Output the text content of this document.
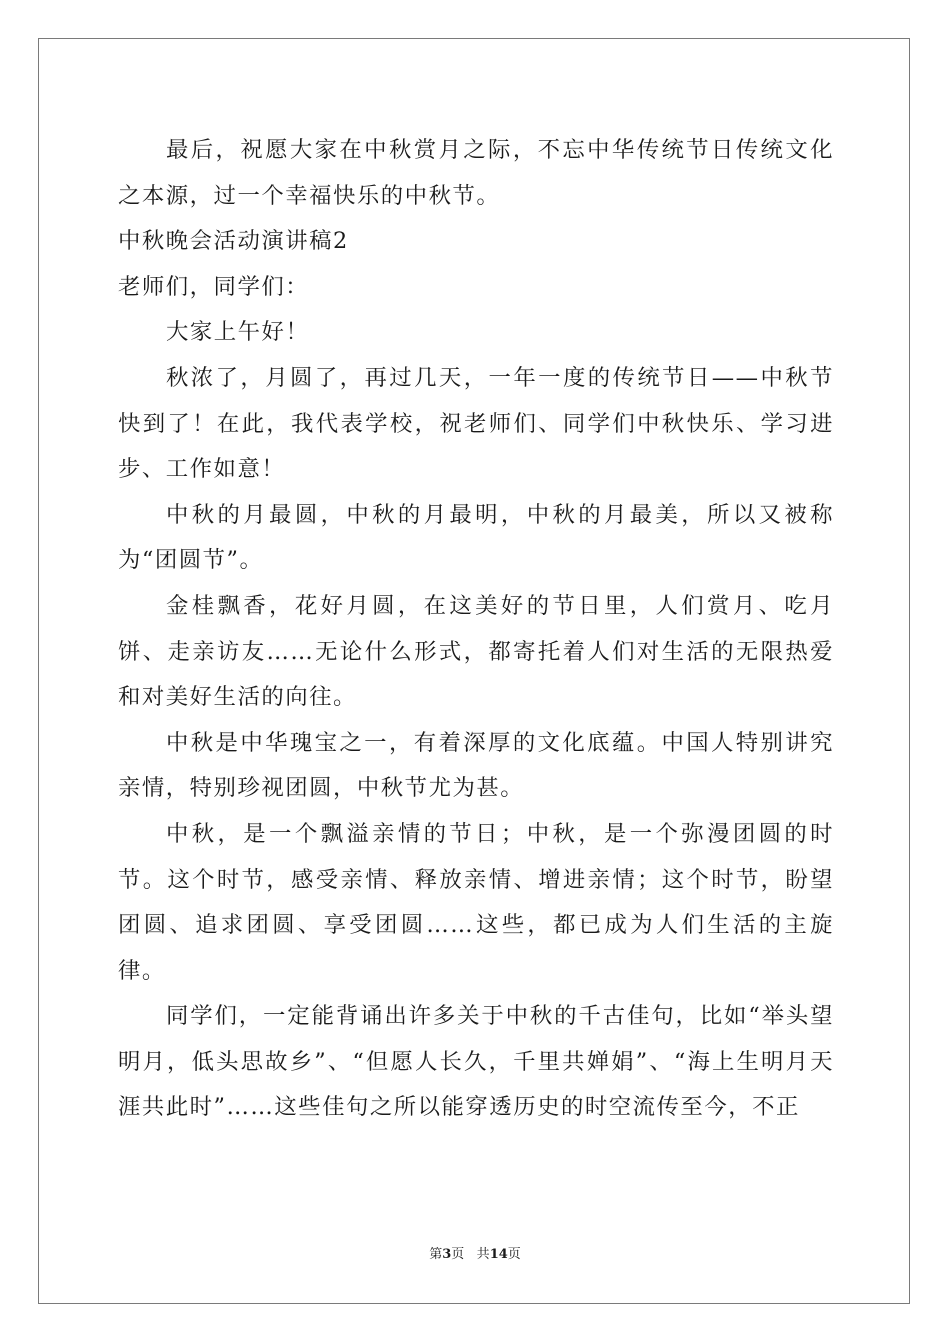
最后，祝愿大家在中秋赏月之际，不忘中华传统节日传统文化之本源，过一个幸福快乐的中秋节。

中秋晚会活动演讲稿2

老师们，同学们：

大家上午好！

秋浓了，月圆了，再过几天，一年一度的传统节日——中秋节快到了！在此，我代表学校，祝老师们、同学们中秋快乐、学习进步、工作如意！

中秋的月最圆，中秋的月最明，中秋的月最美，所以又被称为“团圆节”。

金桂飘香，花好月圆，在这美好的节日里，人们赏月、吃月饼、走亲访友……无论什么形式，都寄托着人们对生活的无限热爱和对美好生活的向往。

中秋是中华瑰宝之一，有着深厚的文化底蕴。中国人特别讲究亲情，特别珍视团圆，中秋节尤为甚。

中秋，是一个飘溢亲情的节日；中秋，是一个弥漫团圆的时节。这个时节，感受亲情、释放亲情、增进亲情；这个时节，盼望团圆、追求团圆、享受团圆……这些，都已成为人们生活的主旋律。

同学们，一定能背诵出许多关于中秋的千古佳句，比如“举头望明月，低头思故乡”、“但愿人长久，千里共婵娟”、“海上生明月天涯共此时”……这些佳句之所以能穿透历史的时空流传至今，不正

第3页 共14页
